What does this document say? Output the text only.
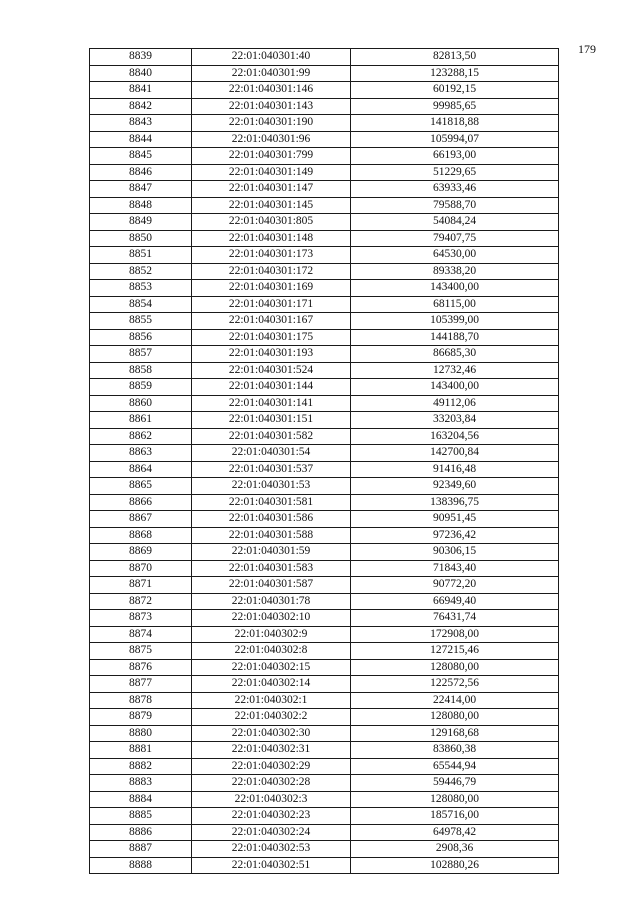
179
8839	22:01:040301:40	82813,50
8840	22:01:040301:99	123288,15
8841	22:01:040301:146	60192,15
8842	22:01:040301:143	99985,65
8843	22:01:040301:190	141818,88
8844	22:01:040301:96	105994,07
8845	22:01:040301:799	66193,00
8846	22:01:040301:149	51229,65
8847	22:01:040301:147	63933,46
8848	22:01:040301:145	79588,70
8849	22:01:040301:805	54084,24
8850	22:01:040301:148	79407,75
8851	22:01:040301:173	64530,00
8852	22:01:040301:172	89338,20
8853	22:01:040301:169	143400,00
8854	22:01:040301:171	68115,00
8855	22:01:040301:167	105399,00
8856	22:01:040301:175	144188,70
8857	22:01:040301:193	86685,30
8858	22:01:040301:524	12732,46
8859	22:01:040301:144	143400,00
8860	22:01:040301:141	49112,06
8861	22:01:040301:151	33203,84
8862	22:01:040301:582	163204,56
8863	22:01:040301:54	142700,84
8864	22:01:040301:537	91416,48
8865	22:01:040301:53	92349,60
8866	22:01:040301:581	138396,75
8867	22:01:040301:586	90951,45
8868	22:01:040301:588	97236,42
8869	22:01:040301:59	90306,15
8870	22:01:040301:583	71843,40
8871	22:01:040301:587	90772,20
8872	22:01:040301:78	66949,40
8873	22:01:040302:10	76431,74
8874	22:01:040302:9	172908,00
8875	22:01:040302:8	127215,46
8876	22:01:040302:15	128080,00
8877	22:01:040302:14	122572,56
8878	22:01:040302:1	22414,00
8879	22:01:040302:2	128080,00
8880	22:01:040302:30	129168,68
8881	22:01:040302:31	83860,38
8882	22:01:040302:29	65544,94
8883	22:01:040302:28	59446,79
8884	22:01:040302:3	128080,00
8885	22:01:040302:23	185716,00
8886	22:01:040302:24	64978,42
8887	22:01:040302:53	2908,36
8888	22:01:040302:51	102880,26
